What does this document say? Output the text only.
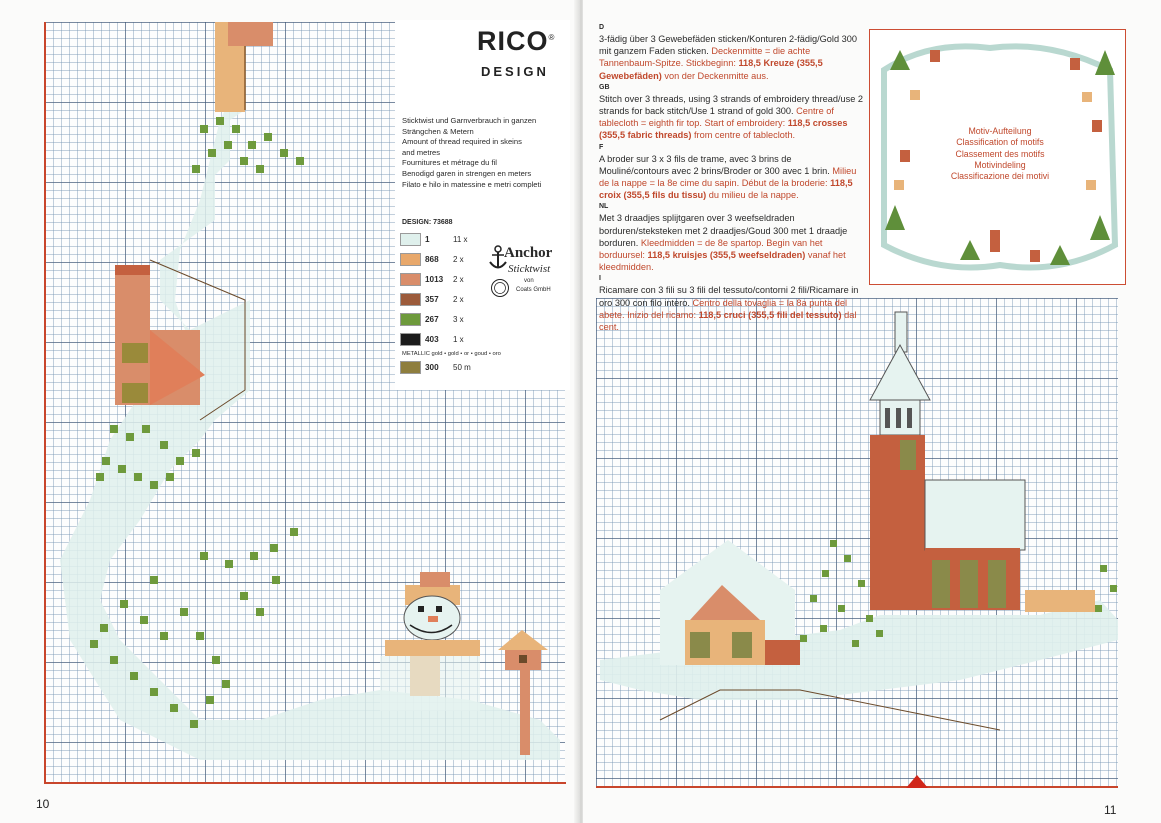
RICO®
DESIGN
Sticktwist und Garnverbrauch in ganzen
Strängchen & Metern
Amount of thread required in skeins
and metres
Fournitures et métrage du fil
Benodigd garen in strengen en meters
Filato e hilo in matessine e metri completi
DESIGN: 73688
1	11 x
868	2 x
1013	2 x
357	2 x
267	3 x
403	1 x
METALLIC gold • gold • or • goud • oro
300	50 m
Anchor
Sticktwist
von
Coats GmbH
10	11
D
3-fädig über 3 Gewebefäden sticken/Konturen 2-fädig/Gold 300 mit ganzem Faden sticken. Deckenmitte = die achte Tannenbaum-Spitze. Stickbeginn: 118,5 Kreuze (355,5 Gewebefäden) von der Deckenmitte aus.
GB
Stitch over 3 threads, using 3 strands of embroidery thread/use 2 strands for back stitch/Use 1 strand of gold 300. Centre of tablecloth = eighth fir top. Start of embroidery: 118,5 crosses (355,5 fabric threads) from centre of tablecloth.
F
A broder sur 3 x 3 fils de trame, avec 3 brins de Mouliné/contours avec 2 brins/Broder or 300 avec 1 brin. Milieu de la nappe = la 8e cime du sapin. Début de la broderie: 118,5 croix (355,5 fils du tissu) du milieu de la nappe.
NL
Met 3 draadjes splijtgaren over 3 weefseldraden borduren/steksteken met 2 draadjes/Goud 300 met 1 draadje borduren. Kleedmidden = de 8e spartop. Begin van het borduursel: 118,5 kruisjes (355,5 weefseldraden) vanaf het kleedmidden.
I
Ricamare con 3 fili su 3 fili del tessuto/contorni 2 fili/Ricamare in oro 300 con filo intero. Centro della tovaglia = la 8a punta del abete. Inizio del ricamo: 118,5 cruci (355,5 fili del tessuto) dal cent.
Motiv-Aufteilung
Classification of motifs
Classement des motifs
Motivindeling
Classificazione dei motivi
